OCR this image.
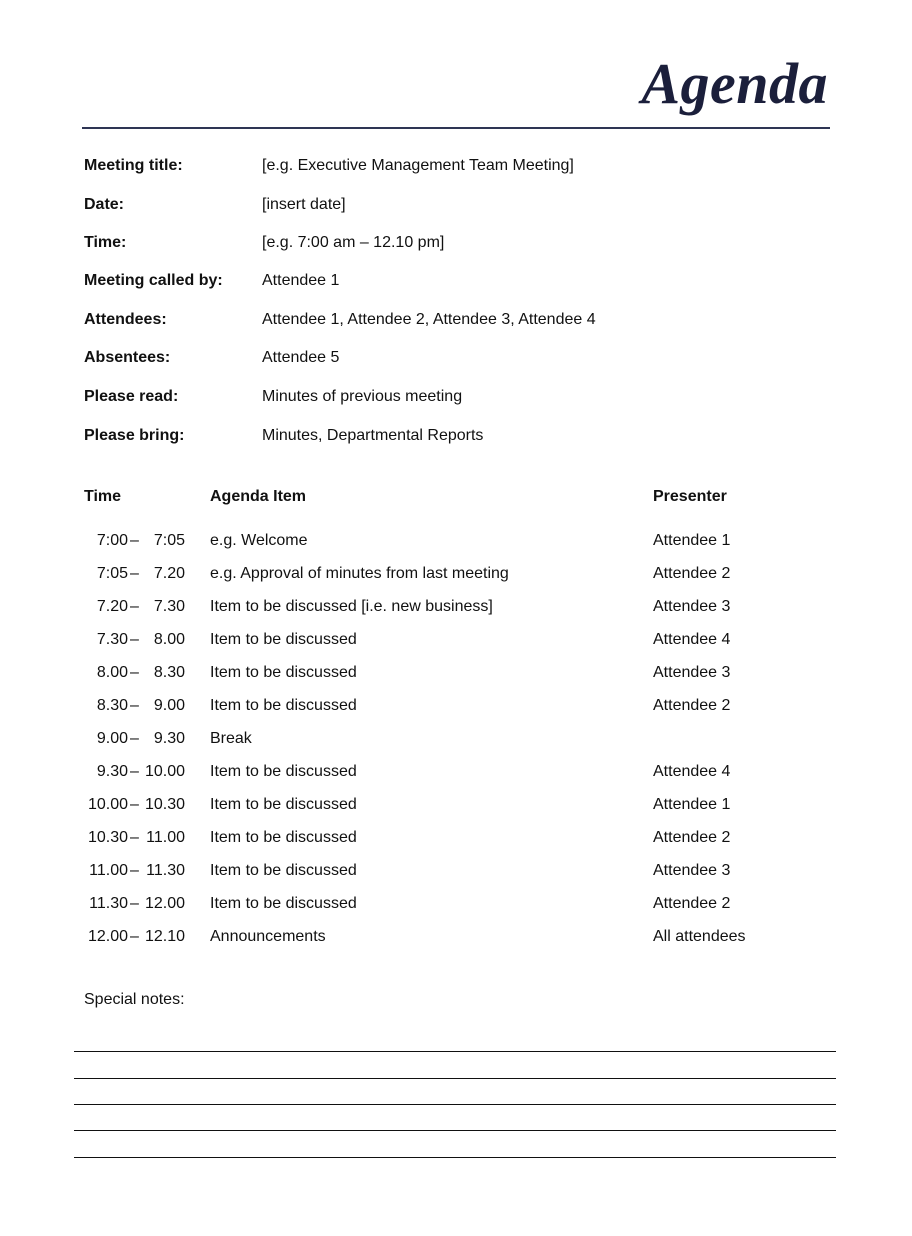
Agenda
Meeting title:	[e.g. Executive Management Team Meeting]
Date:	[insert date]
Time:	[e.g. 7:00 am – 12.10 pm]
Meeting called by: Attendee 1
Attendees:	Attendee 1, Attendee 2, Attendee 3, Attendee 4
Absentees:	Attendee 5
Please read:	Minutes of previous meeting
Please bring:	Minutes, Departmental Reports
Time	Agenda Item	Presenter
7:00 – 7:05 e.g. Welcome	Attendee 1
7:05 – 7.20 e.g. Approval of minutes from last meeting	Attendee 2
7.20 – 7.30 Item to be discussed [i.e. new business]	Attendee 3
7.30 – 8.00 Item to be discussed	Attendee 4
8.00 – 8.30 Item to be discussed	Attendee 3
8.30 – 9.00 Item to be discussed	Attendee 2
9.00 – 9.30 Break
9.30 – 10.00 Item to be discussed	Attendee 4
10.00 – 10.30 Item to be discussed	Attendee 1
10.30 – 11.00 Item to be discussed	Attendee 2
11.00 – 11.30 Item to be discussed	Attendee 3
11.30 – 12.00 Item to be discussed	Attendee 2
12.00 – 12.10 Announcements	All attendees
Special notes:
